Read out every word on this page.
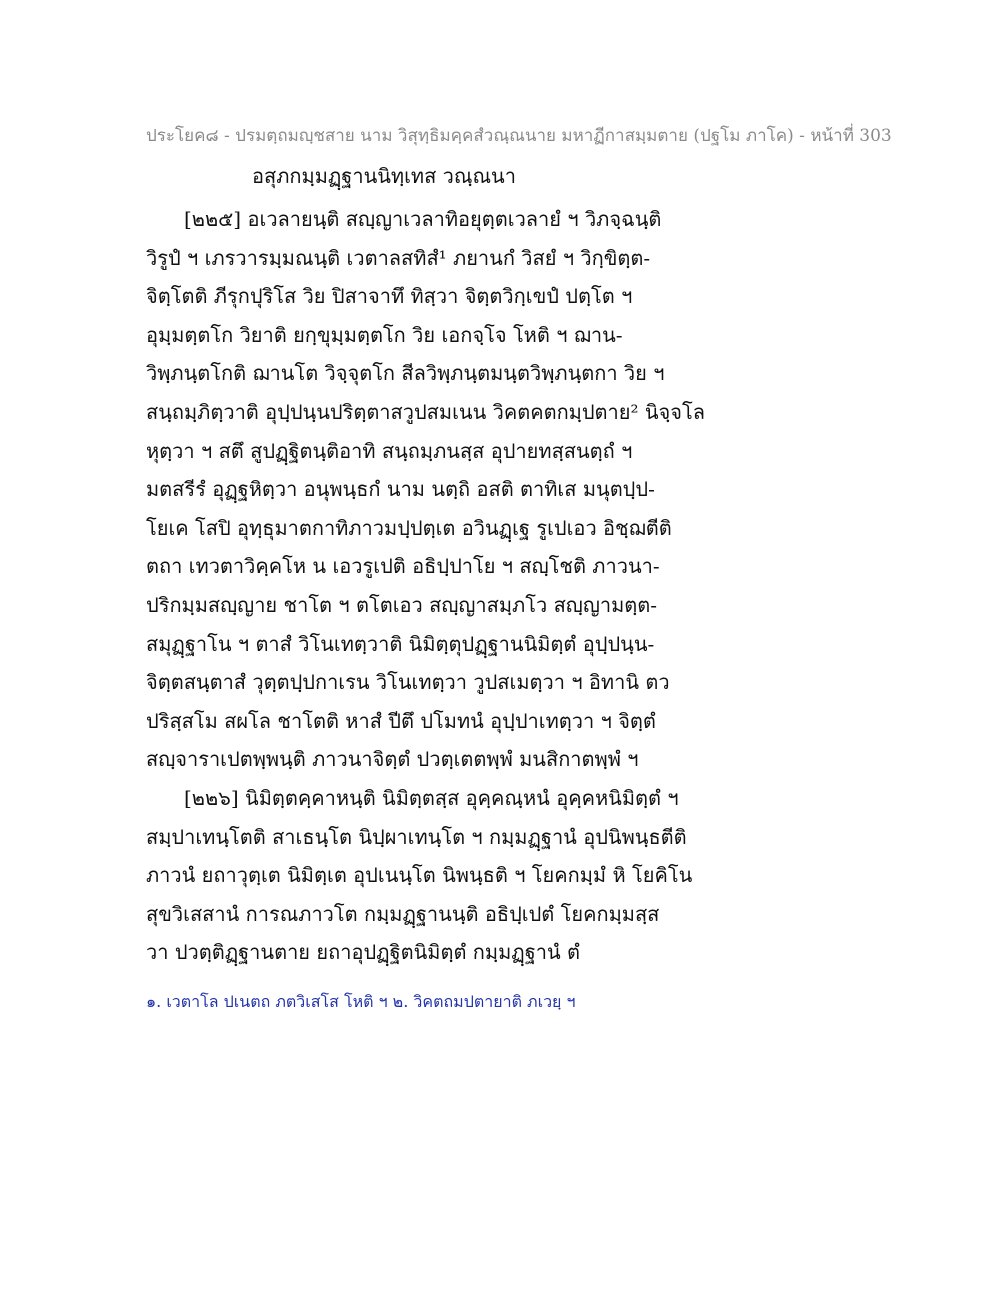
ประโยค๘ - ปรมตฺถมญฺชสาย นาม วิสุทฺธิมคฺคสํวณฺณนาย มหาฏีกาสมฺมตาย (ปฐโม ภาโค) - หน้าที่ 303
อสุภกมฺมฏฺฐานนิทฺเทส วณฺณนา
[๒๒๕] อเวลายนฺติ สญฺญาเวลาทิอยุตฺตเวลายํ ฯ วิภจฺฉนฺติ
วิรูปํ ฯ เภรวารมฺมณนฺติ เวตาลสทิสํ¹ ภยานกํ วิสยํ ฯ วิกฺขิตฺต-
จิตฺโตติ ภีรุกปุริโส วิย ปิสาจาทึ ทิสฺวา จิตฺตวิกฺเขปํ ปตฺโต ฯ
อุมฺมตฺตโก วิยาติ ยกฺขุมฺมตฺตโก วิย เอกจฺโจ โหติ ฯ ฌาน-
วิพฺภนฺตโกติ ฌานโต วิจฺจุตโก สีลวิพฺภนฺตมนฺตวิพฺภนฺตกา วิย ฯ
สนฺถมฺภิตฺวาติ อุปฺปนฺนปริตฺตาสวูปสมเนน วิคตคตกมฺปตาย² นิจฺจโล
หุตฺวา ฯ สตึ สูปฏฺฐิตนฺติอาทิ สนฺถมฺภนสฺส อุปายทสฺสนตฺถํ ฯ
มตสรีรํ อุฏฺฐหิตฺวา อนุพนฺธกํ นาม นตฺถิ อสติ ตาทิเส มนุตปฺป-
โยเค โสปิ อุทฺธุมาตกาทิภาวมปฺปตฺเต อวินฏฺเฐ รูเปเอว อิชฺฌตีติ
ตถา เทวตาวิคฺคโห น เอวรูเปติ อธิปฺปาโย ฯ สญฺโชติ ภาวนา-
ปริกมฺมสญฺญาย ชาโต ฯ ตโตเอว สญฺญาสมฺภโว สญฺญามตฺต-
สมุฏฺฐาโน ฯ ตาสํ วิโนเทตฺวาติ นิมิตฺตุปฏฺฐานนิมิตฺตํ อุปฺปนฺน-
จิตฺตสนฺตาสํ วุตฺตปฺปกาเรน วิโนเทตฺวา วูปสเมตฺวา ฯ อิทานิ ตว
ปริสฺสโม สผโล ชาโตติ หาสํ ปีตึ ปโมทนํ อุปฺปาเทตฺวา ฯ จิตฺตํ
สญฺจาราเปตพฺพนฺติ ภาวนาจิตฺตํ ปวตฺเตตพฺพํ มนสิกาตพฺพํ ฯ
[๒๒๖] นิมิตฺตคฺคาหนฺติ นิมิตฺตสฺส อุคฺคณฺหนํ อุคฺคหนิมิตฺตํ ฯ
สมฺปาเทนฺโตติ สาเธนฺโต นิปฺผาเทนฺโต ฯ กมฺมฏฺฐานํ อุปนิพนฺธตีติ
ภาวนํ ยถาวุตฺเต นิมิตฺเต อุปเนนฺโต นิพนฺธติ ฯ โยคกมฺมํ หิ โยคิโน
สุขวิเสสานํ การณภาวโต กมฺมฏฺฐานนฺติ อธิปฺเปตํ โยคกมฺมสฺส
วา ปวตฺติฏฺฐานตาย ยถาอุปฏฺฐิตนิมิตฺตํ กมฺมฏฺฐานํ ตํ
๑. เวตาโล ปเนตถ ภตวิเสโส โหติ ฯ ๒. วิคตถมปตายาติ ภเวยฺ ฯ
